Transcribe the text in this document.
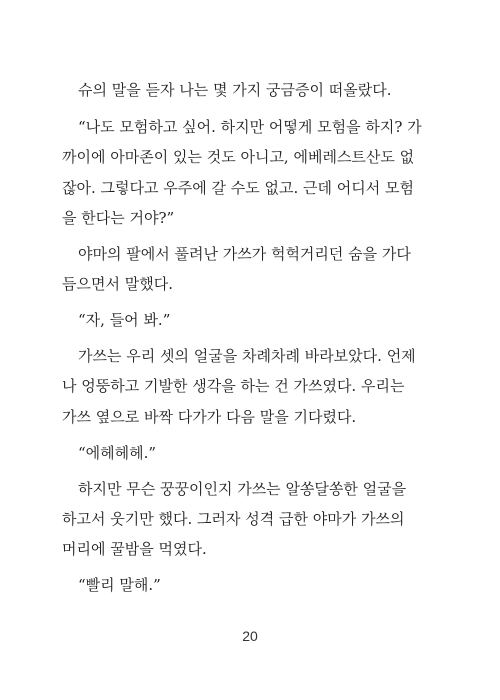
슈의 말을 듣자 나는 몇 가지 궁금증이 떠올랐다.
“나도 모험하고 싶어. 하지만 어떻게 모험을 하지? 가
까이에 아마존이 있는 것도 아니고, 에베레스트산도 없
잖아. 그렇다고 우주에 갈 수도 없고. 근데 어디서 모험
을 한다는 거야?”
야마의 팔에서 풀려난 가쓰가 헉헉거리던 숨을 가다
듬으면서 말했다.
“자, 들어 봐.”
가쓰는 우리 셋의 얼굴을 차례차례 바라보았다. 언제
나 엉뚱하고 기발한 생각을 하는 건 가쓰였다. 우리는
가쓰 옆으로 바짝 다가가 다음 말을 기다렸다.
“에헤헤헤.”
하지만 무슨 꿍꿍이인지 가쓰는 알쏭달쏭한 얼굴을
하고서 웃기만 했다. 그러자 성격 급한 야마가 가쓰의
머리에 꿀밤을 먹였다.
“빨리 말해.”
20
